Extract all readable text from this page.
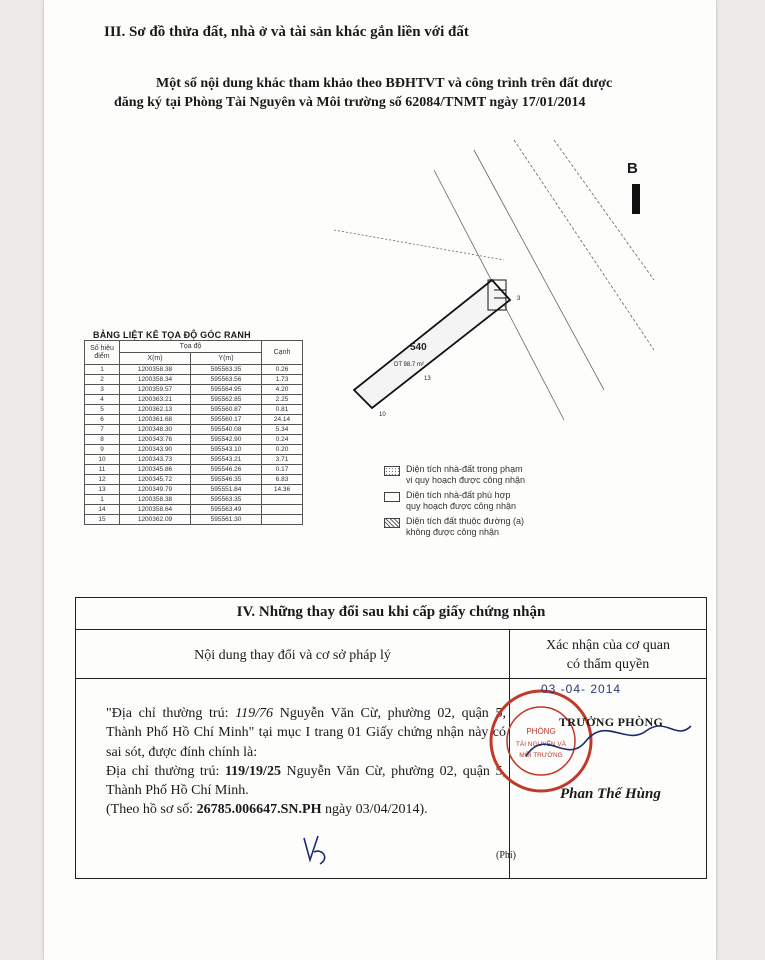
III. Sơ đồ thửa đất, nhà ở và tài sản khác gắn liền với đất
Một số nội dung khác tham khảo theo BĐHTVT và công trình trên đất được
đăng ký tại Phòng Tài Nguyên và Môi trường số 62084/TNMT ngày 17/01/2014
B
540
DT 98.7 m²
10
13
3
BẢNG LIỆT KÊ TỌA ĐỘ GÓC RANH
Số hiệu điểm	Tọa độ		Cạnh
	X(m)	Y(m)	
1	1200358.38	595563.35	0.26
2	1200358.34	595563.56	1.73
3	1200359.57	595564.95	4.20
4	1200363.21	595562.85	2.25
5	1200362.13	595560.87	0.81
6	1200361.68	595560.17	24.14
7	1200348.30	595540.08	5.34
8	1200343.76	595542.90	0.24
9	1200343.90	595543.10	0.20
10	1200343.73	595543.21	3.71
11	1200345.86	595546.26	0.17
12	1200345.72	595546.35	6.83
13	1200349.79	595551.84	14.36
1	1200358.38	595563.35	
14	1200358.64	595563.49	
15	1200362.09	595561.30	
Diện tích nhà-đất trong phạm
vi quy hoạch được công nhận
Diện tích nhà-đất phù hợp
quy hoạch được công nhận
Diện tích đất thuộc đường (a)
không được công nhận
IV. Những thay đổi sau khi cấp giấy chứng nhận
Nội dung thay đổi và cơ sở pháp lý
Xác nhận của cơ quan
có thẩm quyền
"Địa chỉ thường trú: 119/76 Nguyễn Văn Cừ, phường 02, quận 5, Thành Phố Hồ Chí Minh" tại mục I trang 01 Giấy chứng nhận này có sai sót, được đính chính là:
Địa chỉ thường trú: 119/19/25 Nguyễn Văn Cừ, phường 02, quận 5, Thành Phố Hồ Chí Minh.
(Theo hồ sơ số: 26785.006647.SN.PH ngày 03/04/2014).
PHÒNG
TÀI NGUYÊN VÀ
MÔI TRƯỜNG
03 -04- 2014
TRƯỞNG PHÒNG
Phan Thế Hùng
(Phí)
